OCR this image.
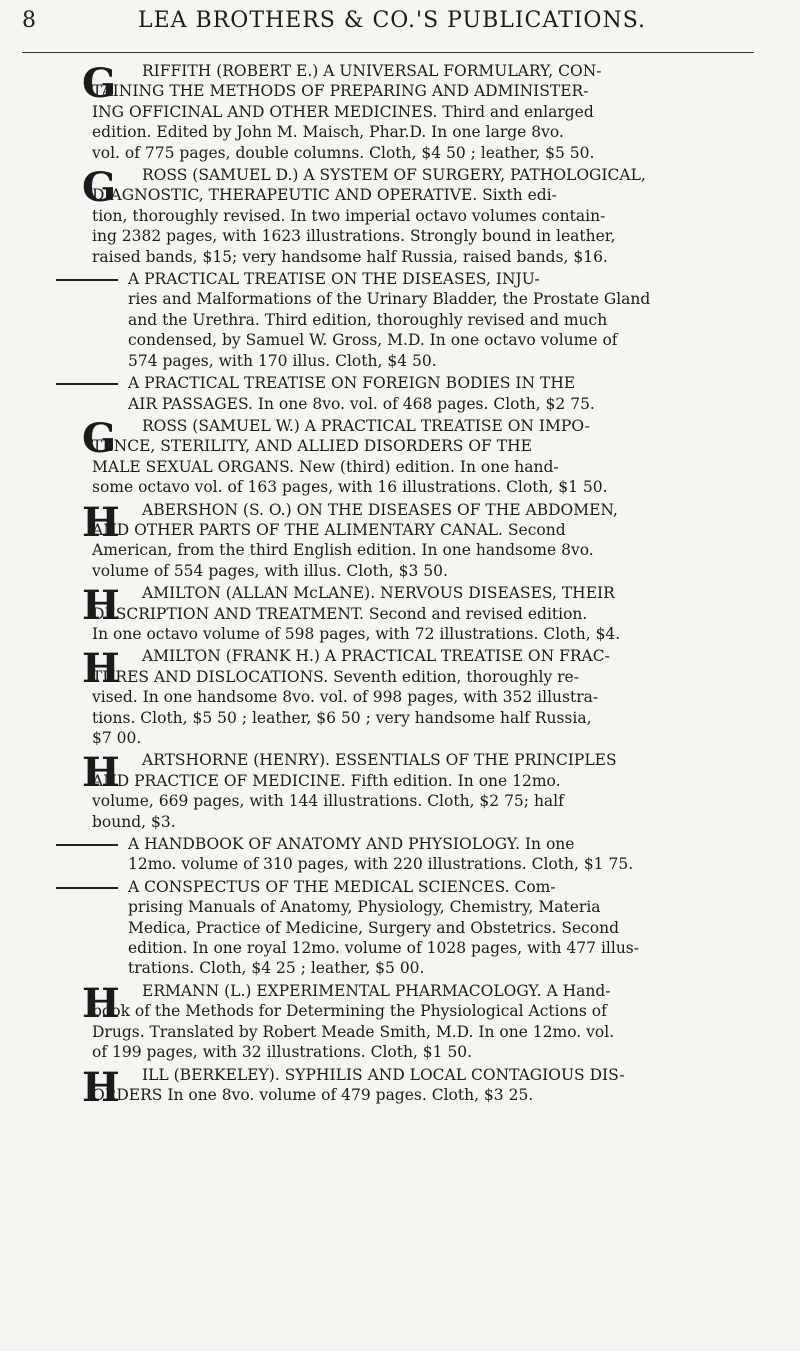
8	LEA BROTHERS & CO.'S PUBLICATIONS.
G RIFFITH (ROBERT E.) A UNIVERSAL FORMULARY, CON-
TAINING THE METHODS OF PREPARING AND ADMINISTER-
ING OFFICINAL AND OTHER MEDICINES. Third and enlarged
edition. Edited by John M. Maisch, Phar.D. In one large 8vo.
vol. of 775 pages, double columns. Cloth, $4 50 ; leather, $5 50.
G ROSS (SAMUEL D.) A SYSTEM OF SURGERY, PATHOLOGICAL,
DIAGNOSTIC, THERAPEUTIC AND OPERATIVE. Sixth edi-
tion, thoroughly revised. In two imperial octavo volumes contain-
ing 2382 pages, with 1623 illustrations. Strongly bound in leather,
raised bands, $15; very handsome half Russia, raised bands, $16.
A PRACTICAL TREATISE ON THE DISEASES, INJU-
ries and Malformations of the Urinary Bladder, the Prostate Gland
and the Urethra. Third edition, thoroughly revised and much
condensed, by Samuel W. Gross, M.D. In one octavo volume of
574 pages, with 170 illus. Cloth, $4 50.
A PRACTICAL TREATISE ON FOREIGN BODIES IN THE
AIR PASSAGES. In one 8vo. vol. of 468 pages. Cloth, $2 75.
G ROSS (SAMUEL W.) A PRACTICAL TREATISE ON IMPO-
TENCE, STERILITY, AND ALLIED DISORDERS OF THE
MALE SEXUAL ORGANS. New (third) edition. In one hand-
some octavo vol. of 163 pages, with 16 illustrations. Cloth, $1 50.
H ABERSHON (S. O.) ON THE DISEASES OF THE ABDOMEN,
AND OTHER PARTS OF THE ALIMENTARY CANAL. Second
American, from the third English edition. In one handsome 8vo.
volume of 554 pages, with illus. Cloth, $3 50.
H AMILTON (ALLAN McLANE). NERVOUS DISEASES, THEIR
DESCRIPTION AND TREATMENT. Second and revised edition.
In one octavo volume of 598 pages, with 72 illustrations. Cloth, $4.
H AMILTON (FRANK H.) A PRACTICAL TREATISE ON FRAC-
TURES AND DISLOCATIONS. Seventh edition, thoroughly re-
vised. In one handsome 8vo. vol. of 998 pages, with 352 illustra-
tions. Cloth, $5 50 ; leather, $6 50 ; very handsome half Russia,
$7 00.
H ARTSHORNE (HENRY). ESSENTIALS OF THE PRINCIPLES
AND PRACTICE OF MEDICINE. Fifth edition. In one 12mo.
volume, 669 pages, with 144 illustrations. Cloth, $2 75; half
bound, $3.
A HANDBOOK OF ANATOMY AND PHYSIOLOGY. In one
12mo. volume of 310 pages, with 220 illustrations. Cloth, $1 75.
A CONSPECTUS OF THE MEDICAL SCIENCES. Com-
prising Manuals of Anatomy, Physiology, Chemistry, Materia
Medica, Practice of Medicine, Surgery and Obstetrics. Second
edition. In one royal 12mo. volume of 1028 pages, with 477 illus-
trations. Cloth, $4 25 ; leather, $5 00.
H ERMANN (L.) EXPERIMENTAL PHARMACOLOGY. A Hand-
book of the Methods for Determining the Physiological Actions of
Drugs. Translated by Robert Meade Smith, M.D. In one 12mo. vol.
of 199 pages, with 32 illustrations. Cloth, $1 50.
H ILL (BERKELEY). SYPHILIS AND LOCAL CONTAGIOUS DIS-
ORDERS In one 8vo. volume of 479 pages. Cloth, $3 25.
